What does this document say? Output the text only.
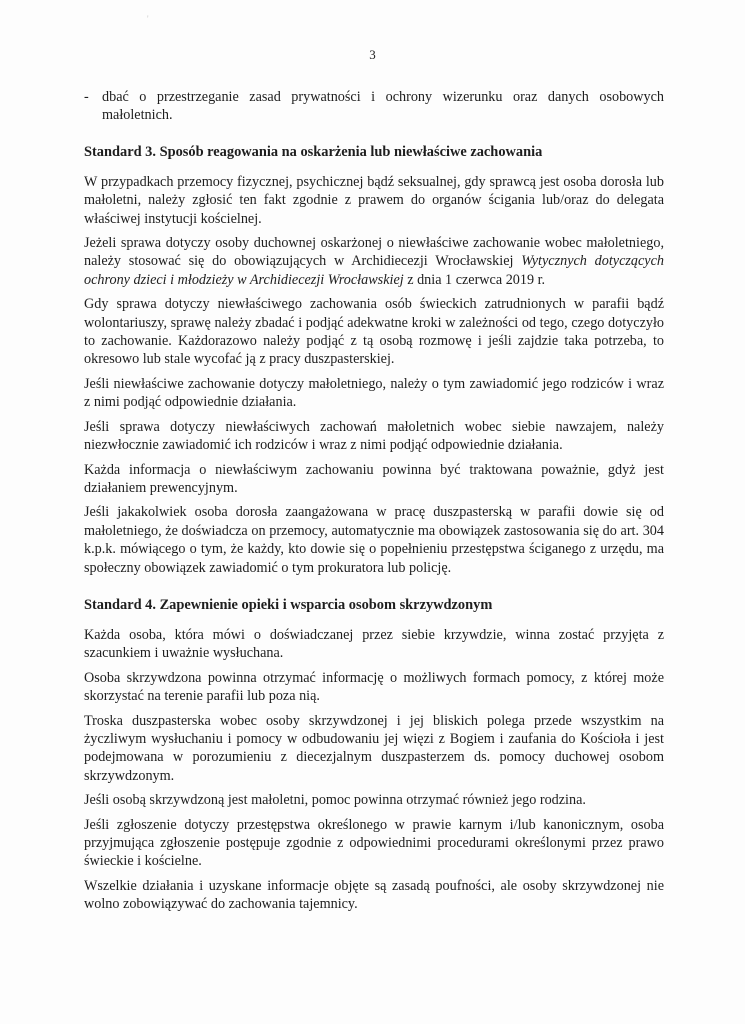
'
3
- dbać o przestrzeganie zasad prywatności i ochrony wizerunku oraz danych osobowych małoletnich.
Standard 3. Sposób reagowania na oskarżenia lub niewłaściwe zachowania

W przypadkach przemocy fizycznej, psychicznej bądź seksualnej, gdy sprawcą jest osoba dorosła lub małoletni, należy zgłosić ten fakt zgodnie z prawem do organów ścigania lub/oraz do delegata właściwej instytucji kościelnej.

Jeżeli sprawa dotyczy osoby duchownej oskarżonej o niewłaściwe zachowanie wobec małoletniego, należy stosować się do obowiązujących w Archidiecezji Wrocławskiej Wytycznych dotyczących ochrony dzieci i młodzieży w Archidiecezji Wrocławskiej z dnia 1 czerwca 2019 r.

Gdy sprawa dotyczy niewłaściwego zachowania osób świeckich zatrudnionych w parafii bądź wolontariuszy, sprawę należy zbadać i podjąć adekwatne kroki w zależności od tego, czego dotyczyło to zachowanie. Każdorazowo należy podjąć z tą osobą rozmowę i jeśli zajdzie taka potrzeba, to okresowo lub stale wycofać ją z pracy duszpasterskiej.

Jeśli niewłaściwe zachowanie dotyczy małoletniego, należy o tym zawiadomić jego rodziców i wraz z nimi podjąć odpowiednie działania.

Jeśli sprawa dotyczy niewłaściwych zachowań małoletnich wobec siebie nawzajem, należy niezwłocznie zawiadomić ich rodziców i wraz z nimi podjąć odpowiednie działania.

Każda informacja o niewłaściwym zachowaniu powinna być traktowana poważnie, gdyż jest działaniem prewencyjnym.

Jeśli jakakolwiek osoba dorosła zaangażowana w pracę duszpasterską w parafii dowie się od małoletniego, że doświadcza on przemocy, automatycznie ma obowiązek zastosowania się do art. 304 k.p.k. mówiącego o tym, że każdy, kto dowie się o popełnieniu przestępstwa ściganego z urzędu, ma społeczny obowiązek zawiadomić o tym prokuratora lub policję.

Standard 4. Zapewnienie opieki i wsparcia osobom skrzywdzonym

Każda osoba, która mówi o doświadczanej przez siebie krzywdzie, winna zostać przyjęta z szacunkiem i uważnie wysłuchana.

Osoba skrzywdzona powinna otrzymać informację o możliwych formach pomocy, z której może skorzystać na terenie parafii lub poza nią.

Troska duszpasterska wobec osoby skrzywdzonej i jej bliskich polega przede wszystkim na życzliwym wysłuchaniu i pomocy w odbudowaniu jej więzi z Bogiem i zaufania do Kościoła i jest podejmowana w porozumieniu z diecezjalnym duszpasterzem ds. pomocy duchowej osobom skrzywdzonym.

Jeśli osobą skrzywdzoną jest małoletni, pomoc powinna otrzymać również jego rodzina.

Jeśli zgłoszenie dotyczy przestępstwa określonego w prawie karnym i/lub kanonicznym, osoba przyjmująca zgłoszenie postępuje zgodnie z odpowiednimi procedurami określonymi przez prawo świeckie i kościelne.

Wszelkie działania i uzyskane informacje objęte są zasadą poufności, ale osoby skrzywdzonej nie wolno zobowiązywać do zachowania tajemnicy.
